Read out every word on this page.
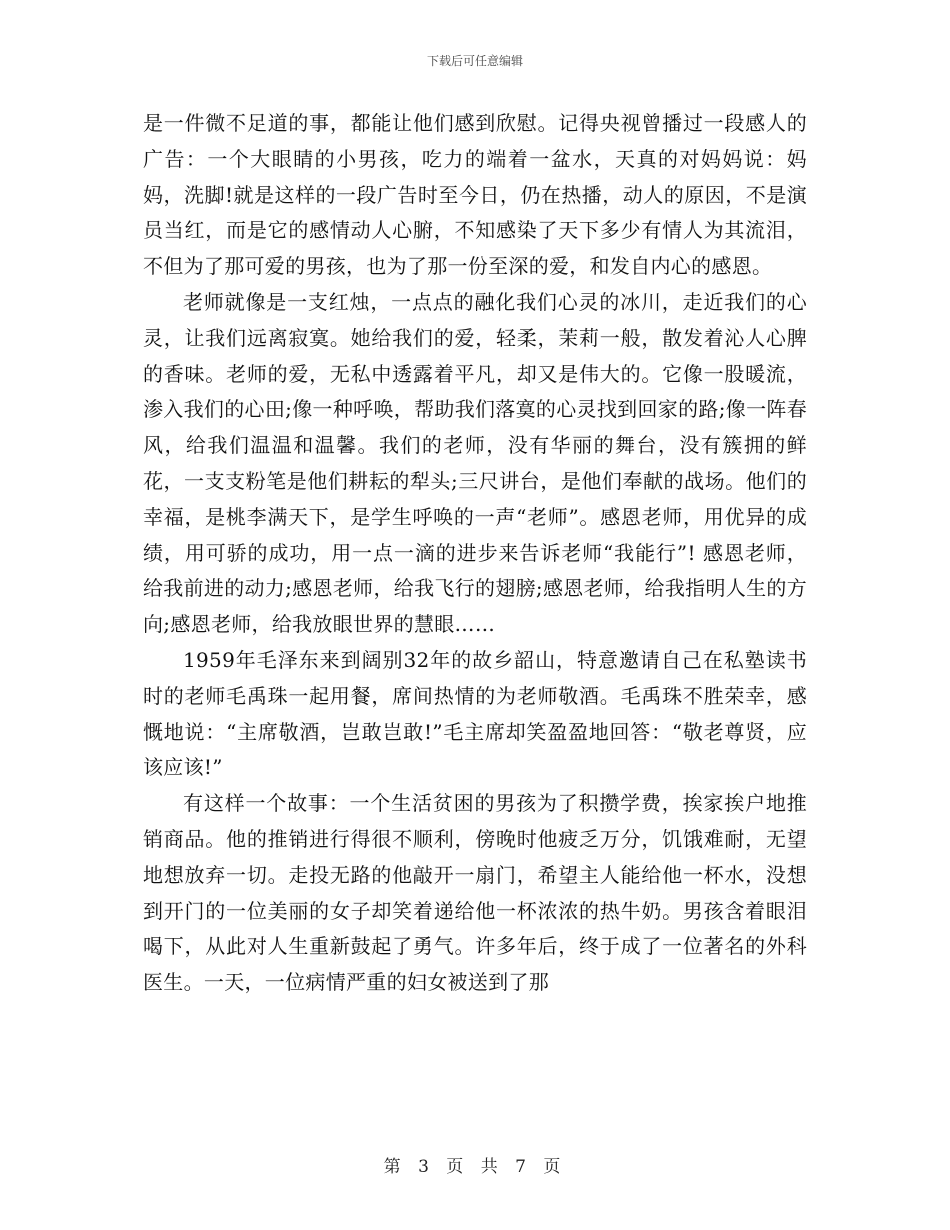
下载后可任意编辑

是一件微不足道的事，都能让他们感到欣慰。记得央视曾播过一段感人的广告：一个大眼睛的小男孩，吃力的端着一盆水，天真的对妈妈说：妈妈，洗脚!就是这样的一段广告时至今日，仍在热播，动人的原因，不是演员当红，而是它的感情动人心腑，不知感染了天下多少有情人为其流泪，不但为了那可爱的男孩，也为了那一份至深的爱，和发自内心的感恩。

老师就像是一支红烛，一点点的融化我们心灵的冰川，走近我们的心灵，让我们远离寂寞。她给我们的爱，轻柔，茉莉一般，散发着沁人心脾的香味。老师的爱，无私中透露着平凡，却又是伟大的。它像一股暖流，渗入我们的心田;像一种呼唤，帮助我们落寞的心灵找到回家的路;像一阵春风，给我们温温和温馨。我们的老师，没有华丽的舞台，没有簇拥的鲜花，一支支粉笔是他们耕耘的犁头;三尺讲台，是他们奉献的战场。他们的幸福，是桃李满天下，是学生呼唤的一声“老师”。感恩老师，用优异的成绩，用可骄的成功，用一点一滴的进步来告诉老师“我能行”! 感恩老师，给我前进的动力;感恩老师，给我飞行的翅膀;感恩老师，给我指明人生的方向;感恩老师，给我放眼世界的慧眼……

1959年毛泽东来到阔别32年的故乡韶山，特意邀请自己在私塾读书时的老师毛禹珠一起用餐，席间热情的为老师敬酒。毛禹珠不胜荣幸，感慨地说：“主席敬酒，岂敢岂敢!”毛主席却笑盈盈地回答：“敬老尊贤，应该应该!”

有这样一个故事：一个生活贫困的男孩为了积攒学费，挨家挨户地推销商品。他的推销进行得很不顺利，傍晚时他疲乏万分，饥饿难耐，无望地想放弃一切。走投无路的他敲开一扇门，希望主人能给他一杯水，没想到开门的一位美丽的女子却笑着递给他一杯浓浓的热牛奶。男孩含着眼泪喝下，从此对人生重新鼓起了勇气。许多年后，终于成了一位著名的外科医生。一天，一位病情严重的妇女被送到了那

第 3 页 共 7 页
